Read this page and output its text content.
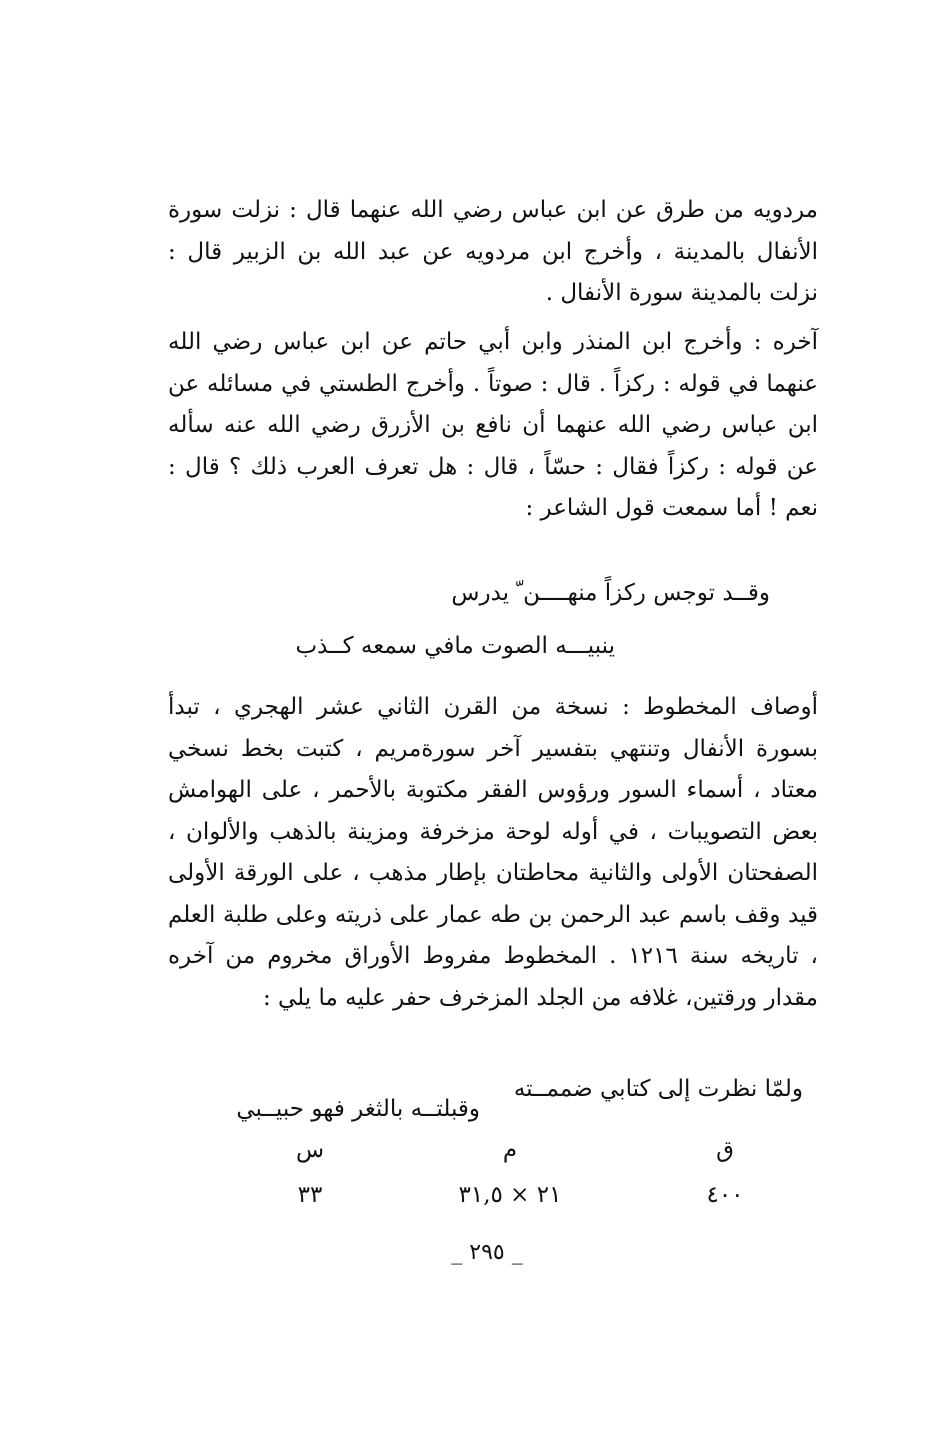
مردويه من طرق عن ابن عباس رضي الله عنهما قال : نزلت سورة الأنفال بالمدينة ، وأخرج ابن مردويه عن عبد الله بن الزبير قال : نزلت بالمدينة سورة الأنفال .

آخره : وأخرج ابن المنذر وابن أبي حاتم عن ابن عباس رضي الله عنهما في قوله : ركزاً . قال : صوتاً . وأخرج الطستي في مسائله عن ابن عباس رضي الله عنهما أن نافع بن الأزرق رضي الله عنه سأله عن قوله : ركزاً فقال : حسّاً ، قال : هل تعرف العرب ذلك ؟ قال : نعم ! أما سمعت قول الشاعر :

وقــد توجس ركزاً منهــــن ّ يدرس
ينبيـــه الصوت مافي سمعه كــذب

أوصاف المخطوط : نسخة من القرن الثاني عشر الهجري ، تبدأ بسورة الأنفال وتنتهي بتفسير آخر سورةمريم ، كتبت بخط نسخي معتاد ، أسماء السور ورؤوس الفقر مكتوبة بالأحمر ، على الهوامش بعض التصويبات ، في أوله لوحة مزخرفة ومزينة بالذهب والألوان ، الصفحتان الأولى والثانية محاطتان بإطار مذهب ، على الورقة الأولى قيد وقف باسم عبد الرحمن بن طه عمار على ذريته وعلى طلبة العلم ، تاريخه سنة ١٢١٦ . المخطوط مفروط الأوراق مخروم من آخره مقدار ورقتين، غلافه من الجلد المزخرف حفر عليه ما يلي :

ولمّا نظرت إلى كتابي ضممــته
وقبلتــه بالثغر فهو حبيــبي
ق
م
س
٤٠٠
٢١ × ٣١,٥
٣٣
_ ٢٩٥ _
